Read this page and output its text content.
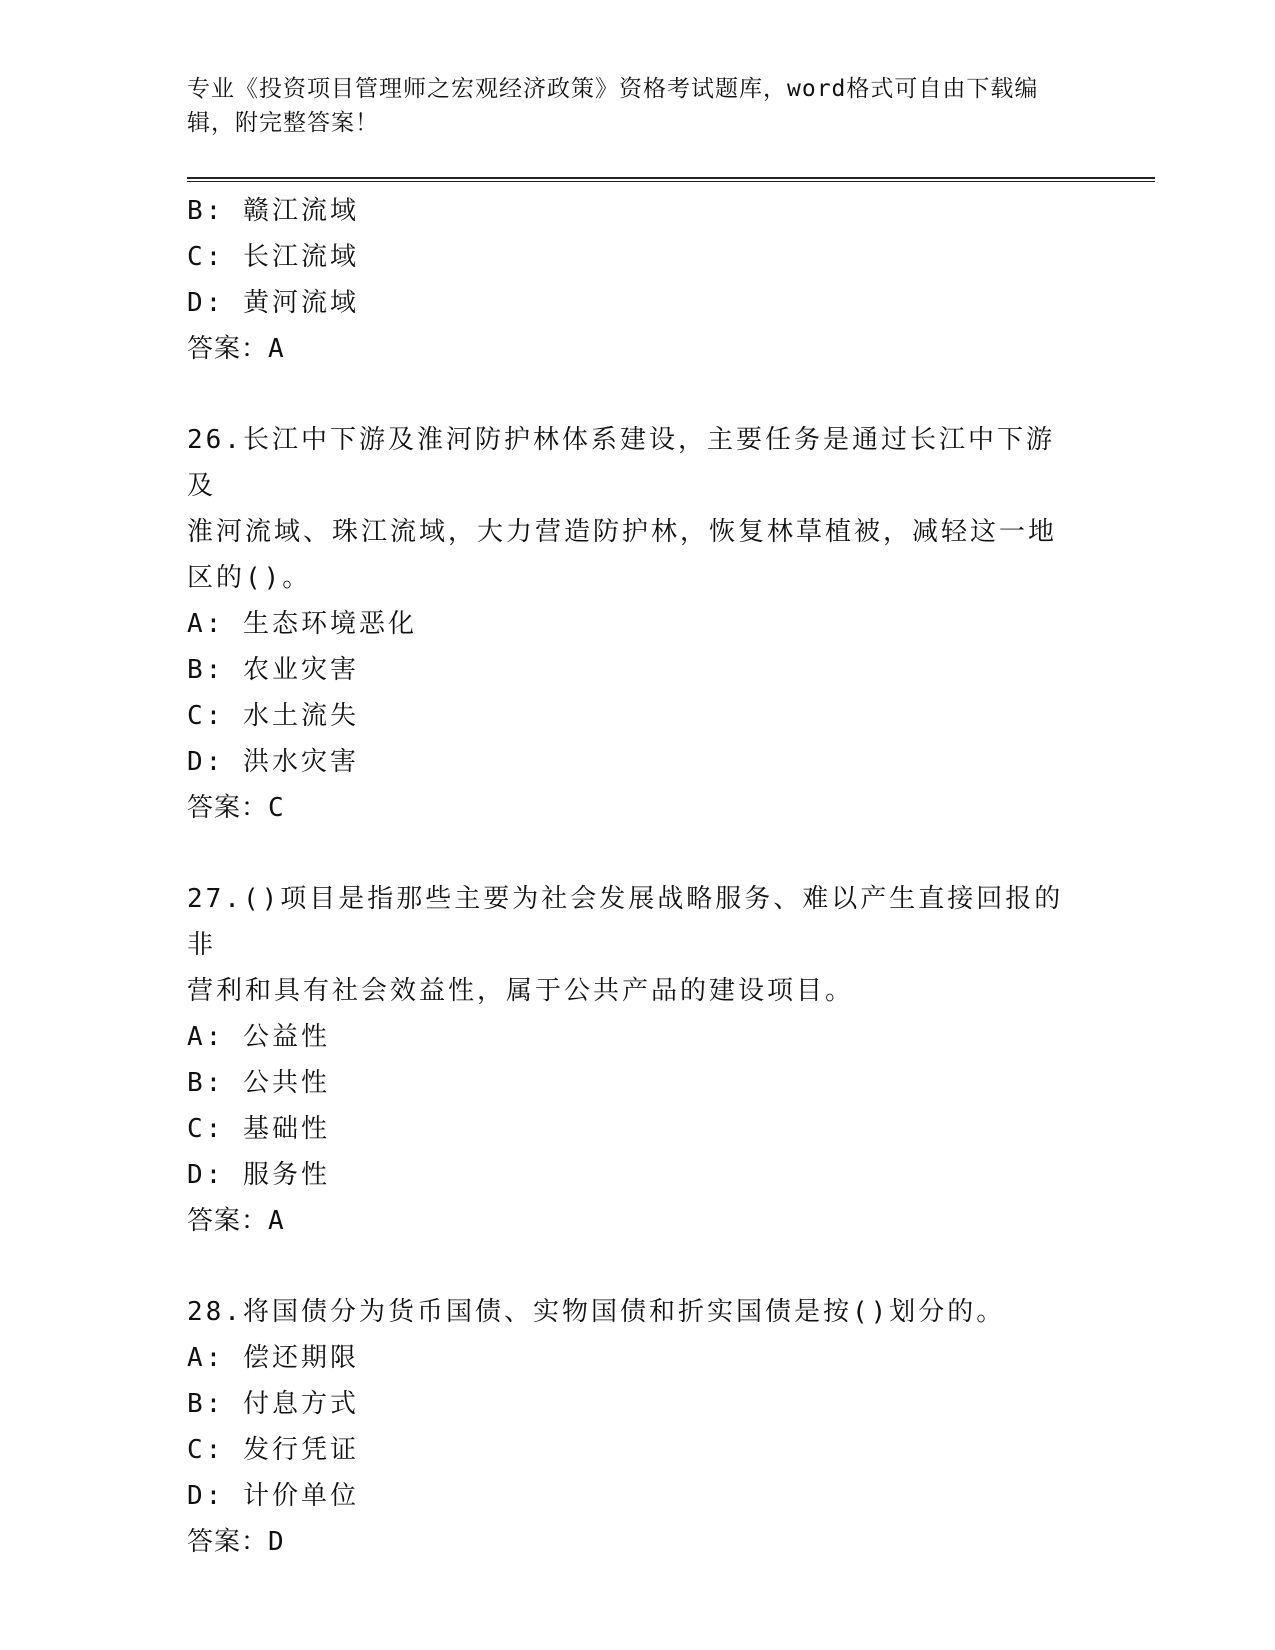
专业《投资项目管理师之宏观经济政策》资格考试题库，word格式可自由下载编
辑，附完整答案！
B: 赣江流域
C: 长江流域
D: 黄河流域
答案：A
26.长江中下游及淮河防护林体系建设，主要任务是通过长江中下游及
淮河流域、珠江流域，大力营造防护林，恢复林草植被，减轻这一地
区的()。
A: 生态环境恶化
B: 农业灾害
C: 水土流失
D: 洪水灾害
答案：C
27.()项目是指那些主要为社会发展战略服务、难以产生直接回报的非
营利和具有社会效益性，属于公共产品的建设项目。
A: 公益性
B: 公共性
C: 基础性
D: 服务性
答案：A
28.将国债分为货币国债、实物国债和折实国债是按()划分的。
A: 偿还期限
B: 付息方式
C: 发行凭证
D: 计价单位
答案：D
